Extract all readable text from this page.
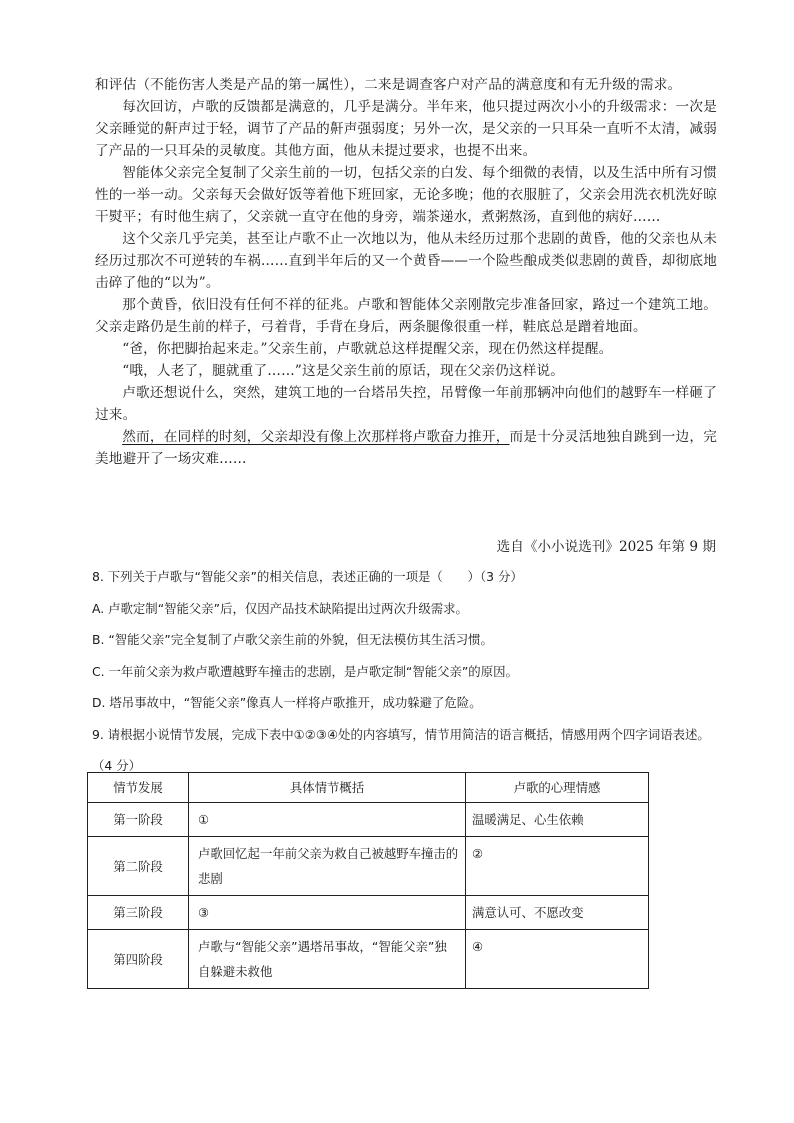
和评估（不能伤害人类是产品的第一属性），二来是调查客户对产品的满意度和有无升级的需求。

每次回访，卢歌的反馈都是满意的，几乎是满分。半年来，他只提过两次小小的升级需求：一次是父亲睡觉的鼾声过于轻，调节了产品的鼾声强弱度；另外一次，是父亲的一只耳朵一直听不太清，减弱了产品的一只耳朵的灵敏度。其他方面，他从未提过要求，也提不出来。

智能体父亲完全复制了父亲生前的一切，包括父亲的白发、每个细微的表情，以及生活中所有习惯性的一举一动。父亲每天会做好饭等着他下班回家，无论多晚；他的衣服脏了，父亲会用洗衣机洗好晾干熨平；有时他生病了，父亲就一直守在他的身旁，端茶递水，煮粥熬汤，直到他的病好……

这个父亲几乎完美，甚至让卢歌不止一次地以为，他从未经历过那个悲剧的黄昏，他的父亲也从未经历过那次不可逆转的车祸……直到半年后的又一个黄昏——一个险些酿成类似悲剧的黄昏，却彻底地击碎了他的“以为”。

那个黄昏，依旧没有任何不祥的征兆。卢歌和智能体父亲刚散完步准备回家，路过一个建筑工地。父亲走路仍是生前的样子，弓着背，手背在身后，两条腿像很重一样，鞋底总是蹭着地面。

“爸，你把脚抬起来走。”父亲生前，卢歌就总这样提醒父亲，现在仍然这样提醒。

“哦，人老了，腿就重了……”这是父亲生前的原话，现在父亲仍这样说。

卢歌还想说什么，突然，建筑工地的一台塔吊失控，吊臂像一年前那辆冲向他们的越野车一样砸了过来。

然而，在同样的时刻，父亲却没有像上次那样将卢歌奋力推开，而是十分灵活地独自跳到一边，完美地避开了一场灾难……

选自《小小说选刊》2025 年第 9 期

8. 下列关于卢歌与“智能父亲”的相关信息，表述正确的一项是（　　）（3 分）

A. 卢歌定制“智能父亲”后，仅因产品技术缺陷提出过两次升级需求。

B. “智能父亲”完全复制了卢歌父亲生前的外貌，但无法模仿其生活习惯。

C. 一年前父亲为救卢歌遭越野车撞击的悲剧，是卢歌定制“智能父亲”的原因。

D. 塔吊事故中，“智能父亲”像真人一样将卢歌推开，成功躲避了危险。

9. 请根据小说情节发展，完成下表中①②③④处的内容填写，情节用简洁的语言概括，情感用两个四字词语表述。（4 分）

情节发展	具体情节概括	卢歌的心理情感
第一阶段	①	温暖满足、心生依赖
第二阶段	卢歌回忆起一年前父亲为救自己被越野车撞击的悲剧	②
第三阶段	③	满意认可、不愿改变
第四阶段	卢歌与“智能父亲”遇塔吊事故，“智能父亲”独自躲避未救他	④
